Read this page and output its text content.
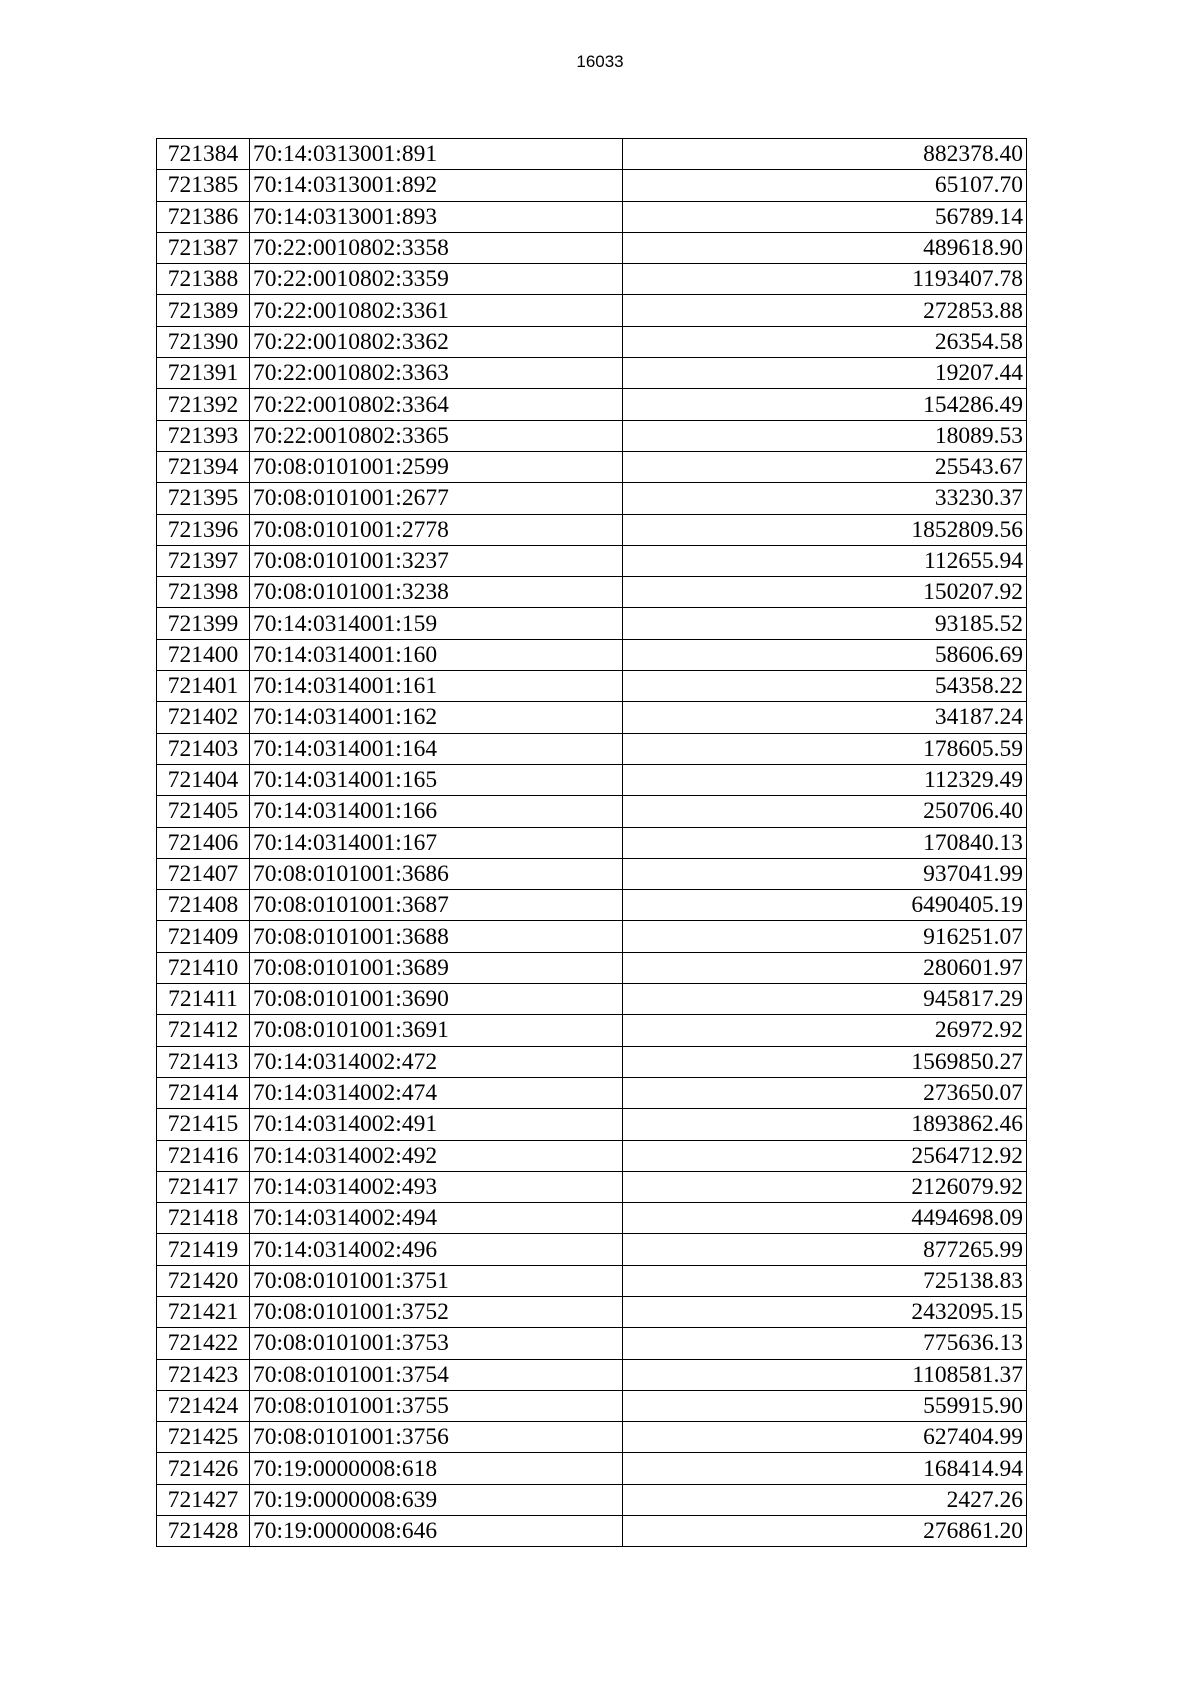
16033
721384	70:14:0313001:891	882378.40
721385	70:14:0313001:892	65107.70
721386	70:14:0313001:893	56789.14
721387	70:22:0010802:3358	489618.90
721388	70:22:0010802:3359	1193407.78
721389	70:22:0010802:3361	272853.88
721390	70:22:0010802:3362	26354.58
721391	70:22:0010802:3363	19207.44
721392	70:22:0010802:3364	154286.49
721393	70:22:0010802:3365	18089.53
721394	70:08:0101001:2599	25543.67
721395	70:08:0101001:2677	33230.37
721396	70:08:0101001:2778	1852809.56
721397	70:08:0101001:3237	112655.94
721398	70:08:0101001:3238	150207.92
721399	70:14:0314001:159	93185.52
721400	70:14:0314001:160	58606.69
721401	70:14:0314001:161	54358.22
721402	70:14:0314001:162	34187.24
721403	70:14:0314001:164	178605.59
721404	70:14:0314001:165	112329.49
721405	70:14:0314001:166	250706.40
721406	70:14:0314001:167	170840.13
721407	70:08:0101001:3686	937041.99
721408	70:08:0101001:3687	6490405.19
721409	70:08:0101001:3688	916251.07
721410	70:08:0101001:3689	280601.97
721411	70:08:0101001:3690	945817.29
721412	70:08:0101001:3691	26972.92
721413	70:14:0314002:472	1569850.27
721414	70:14:0314002:474	273650.07
721415	70:14:0314002:491	1893862.46
721416	70:14:0314002:492	2564712.92
721417	70:14:0314002:493	2126079.92
721418	70:14:0314002:494	4494698.09
721419	70:14:0314002:496	877265.99
721420	70:08:0101001:3751	725138.83
721421	70:08:0101001:3752	2432095.15
721422	70:08:0101001:3753	775636.13
721423	70:08:0101001:3754	1108581.37
721424	70:08:0101001:3755	559915.90
721425	70:08:0101001:3756	627404.99
721426	70:19:0000008:618	168414.94
721427	70:19:0000008:639	2427.26
721428	70:19:0000008:646	276861.20
